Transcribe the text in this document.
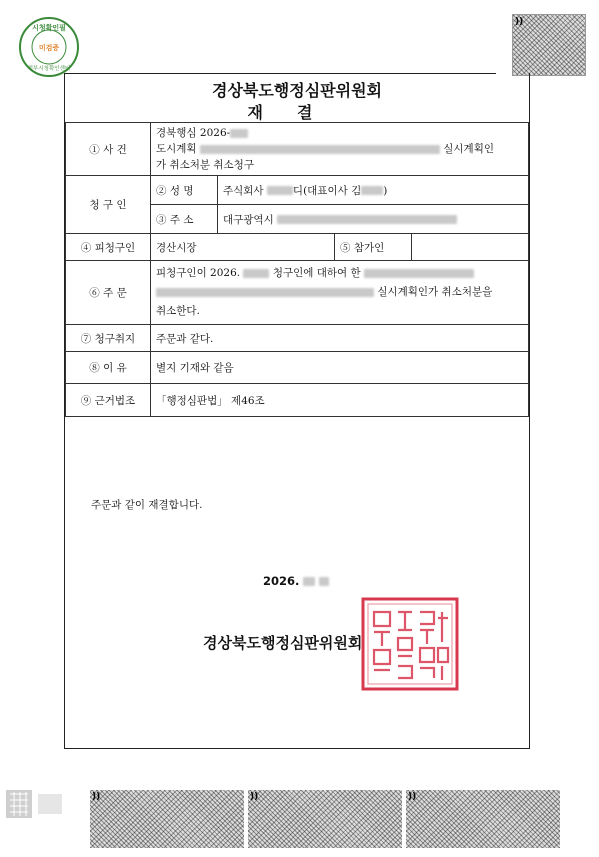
시청확인필
미검증
정부시청확인센터
))
경상북도행정심판위원회
재결
① 사 건	경북행심 2026-
도시계획 실시계획인
가 취소처분 취소청구			
청 구 인	② 성 명	주식회사 디(대표이사 김 )		
	③ 주 소	대구광역시		
④ 피청구인	경산시장		⑤ 참가인	
⑥ 주 문	피청구인이 2026. 청구인에 대하여 한
실시계획인가 취소처분을
취소한다.			
⑦ 청구취지	주문과 같다.			
⑧ 이 유	별지 기재와 같음			
⑨ 근거법조	「행정심판법」 제46조			
주문과 같이 재결합니다.
2026.
경상북도행정심판위원회
))	))	))
